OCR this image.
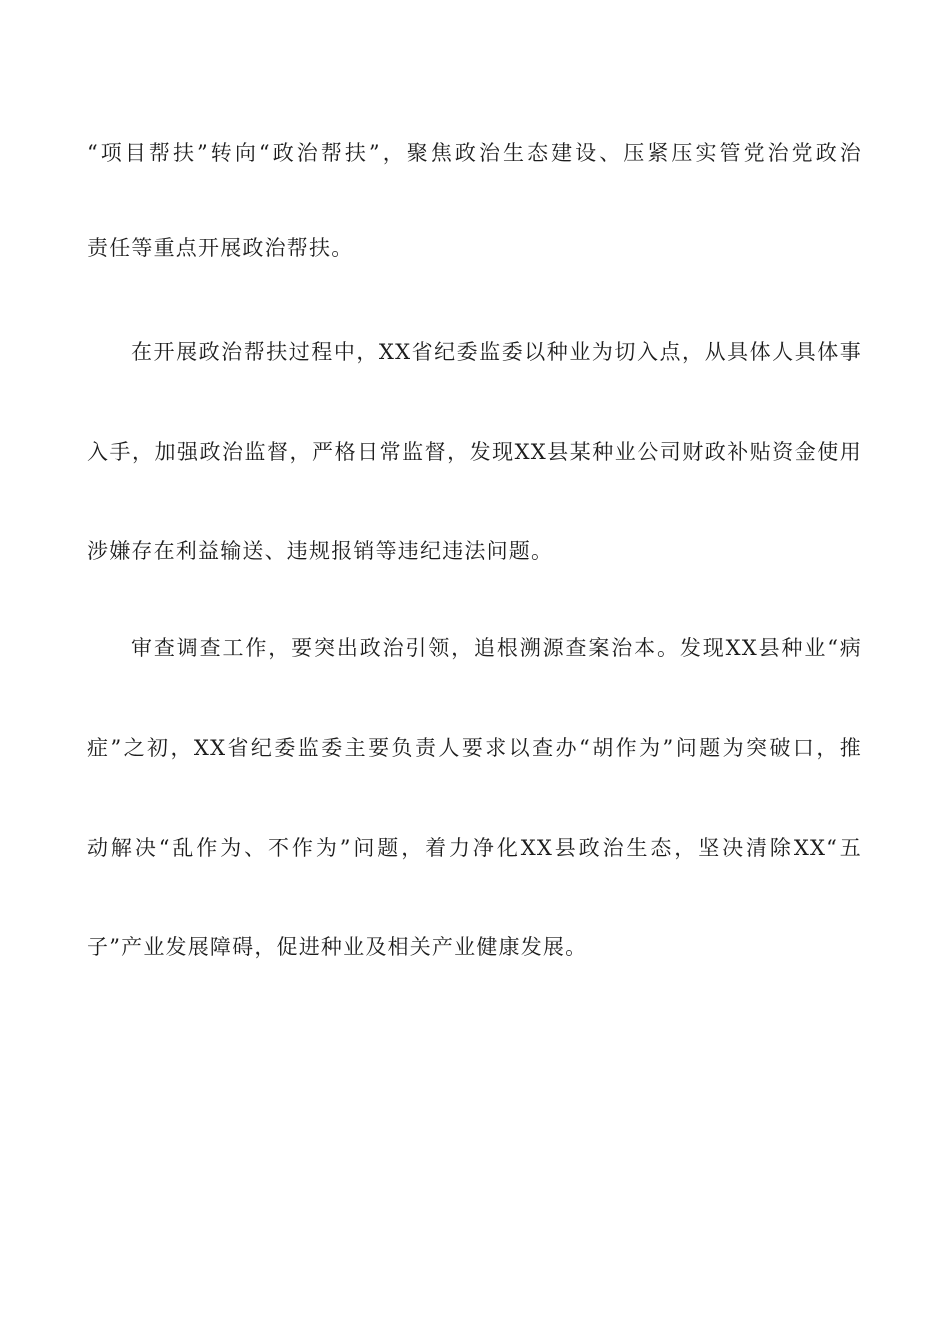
“项目帮扶”转向“政治帮扶”，聚焦政治生态建设、压紧压实管党治党政治
责任等重点开展政治帮扶。
在开展政治帮扶过程中，XX省纪委监委以种业为切入点，从具体人具体事
入手，加强政治监督，严格日常监督，发现XX县某种业公司财政补贴资金使用
涉嫌存在利益输送、违规报销等违纪违法问题。
审查调查工作，要突出政治引领，追根溯源查案治本。发现XX县种业“病
症”之初，XX省纪委监委主要负责人要求以查办“胡作为”问题为突破口，推
动解决“乱作为、不作为”问题，着力净化XX县政治生态，坚决清除XX“五
子”产业发展障碍，促进种业及相关产业健康发展。
